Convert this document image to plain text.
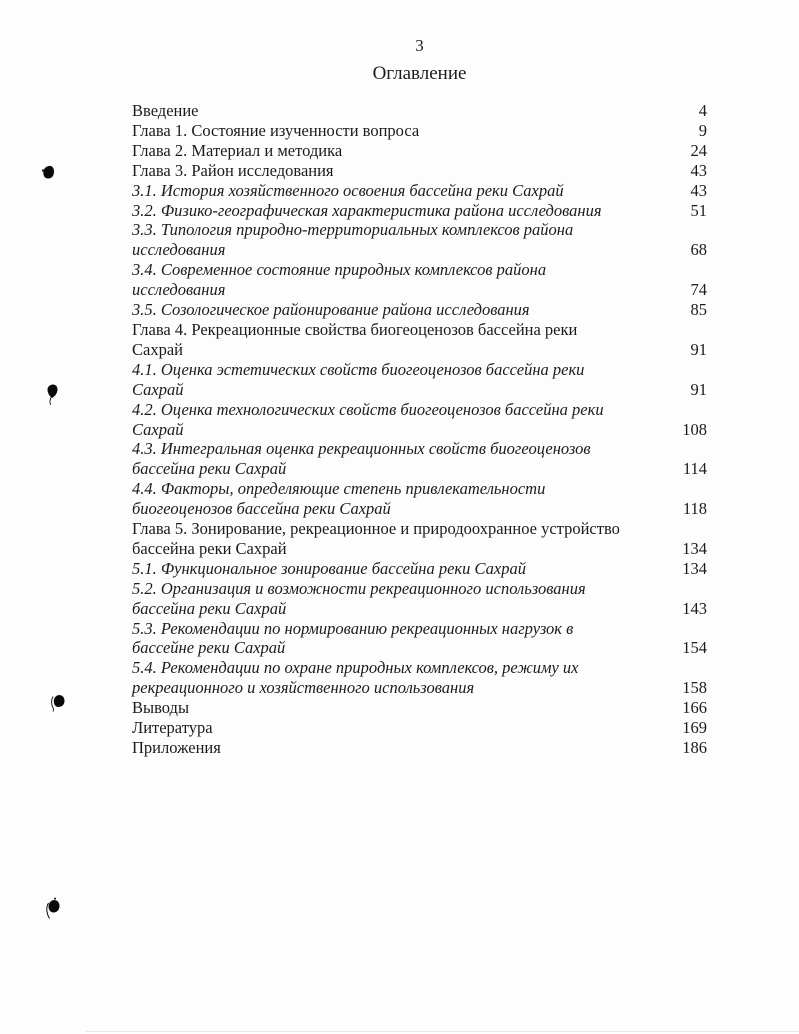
3
Оглавление
Введение	4
Глава 1. Состояние изученности вопроса	9
Глава 2. Материал и методика	24
Глава 3. Район исследования	43
3.1. История хозяйственного освоения бассейна реки Сахрай	43
3.2. Физико-географическая характеристика района исследования	51
3.3. Типология природно-территориальных комплексов района
исследования	68
3.4. Современное состояние природных комплексов района
исследования	74
3.5. Созологическое районирование района исследования	85
Глава 4. Рекреационные свойства биогеоценозов бассейна реки
Сахрай	91
4.1. Оценка эстетических свойств биогеоценозов бассейна реки
Сахрай	91
4.2. Оценка технологических свойств биогеоценозов бассейна реки
Сахрай	108
4.3. Интегральная оценка рекреационных свойств биогеоценозов
бассейна реки Сахрай	114
4.4. Факторы, определяющие степень привлекательности
биогеоценозов бассейна реки Сахрай	118
Глава 5. Зонирование, рекреационное и природоохранное устройство
бассейна реки Сахрай	134
5.1. Функциональное зонирование бассейна реки Сахрай	134
5.2. Организация и возможности рекреационного использования
бассейна реки Сахрай	143
5.3. Рекомендации по нормированию рекреационных нагрузок в
бассейне реки Сахрай	154
5.4. Рекомендации по охране природных комплексов, режиму их
рекреационного и хозяйственного использования	158
Выводы	166
Литература	169
Приложения	186
